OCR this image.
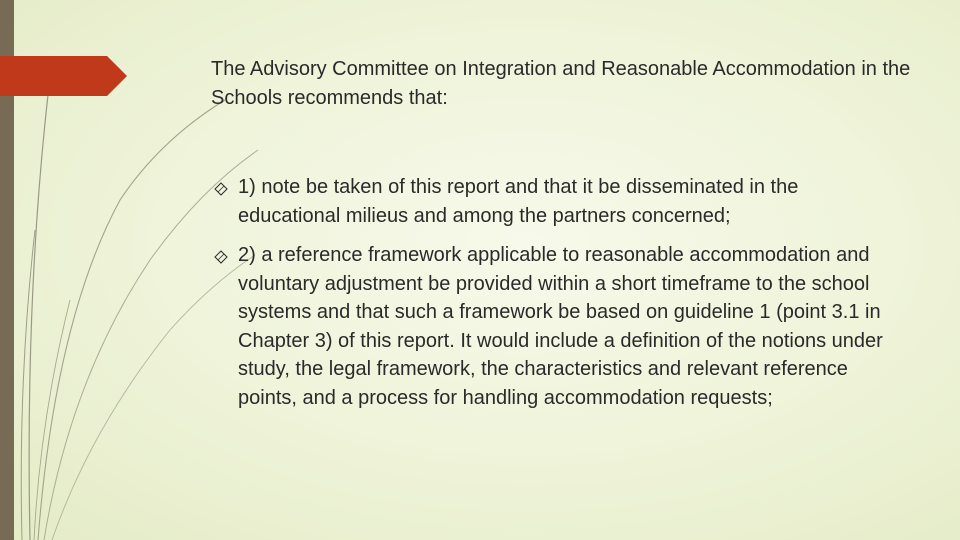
The Advisory Committee on Integration and Reasonable Accommodation in the Schools recommends that:
1) note be taken of this report and that it be disseminated in the educational milieus and among the partners concerned;
2) a reference framework applicable to reasonable accommodation and voluntary adjustment be provided within a short timeframe to the school systems and that such a framework be based on guideline 1 (point 3.1 in Chapter 3) of this report. It would include a definition of the notions under study, the legal framework, the characteristics and relevant reference points, and a process for handling accommodation requests;
